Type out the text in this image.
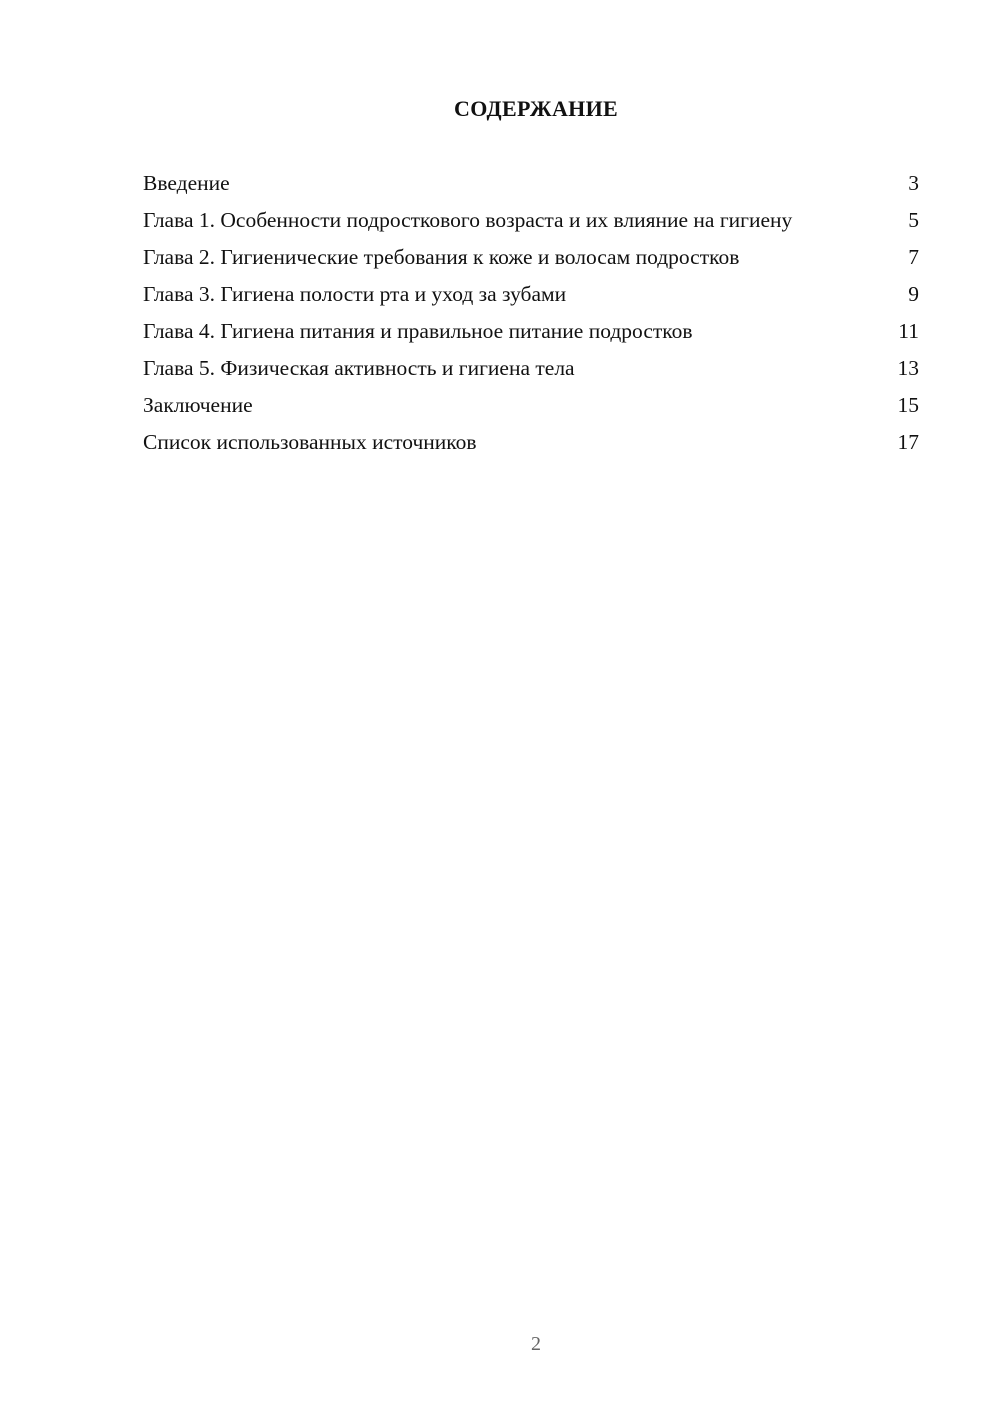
СОДЕРЖАНИЕ
Введение	3
Глава 1. Особенности подросткового возраста и их влияние на гигиену	5
Глава 2. Гигиенические требования к коже и волосам подростков	7
Глава 3. Гигиена полости рта и уход за зубами	9
Глава 4. Гигиена питания и правильное питание подростков	11
Глава 5. Физическая активность и гигиена тела	13
Заключение	15
Список использованных источников	17
2
